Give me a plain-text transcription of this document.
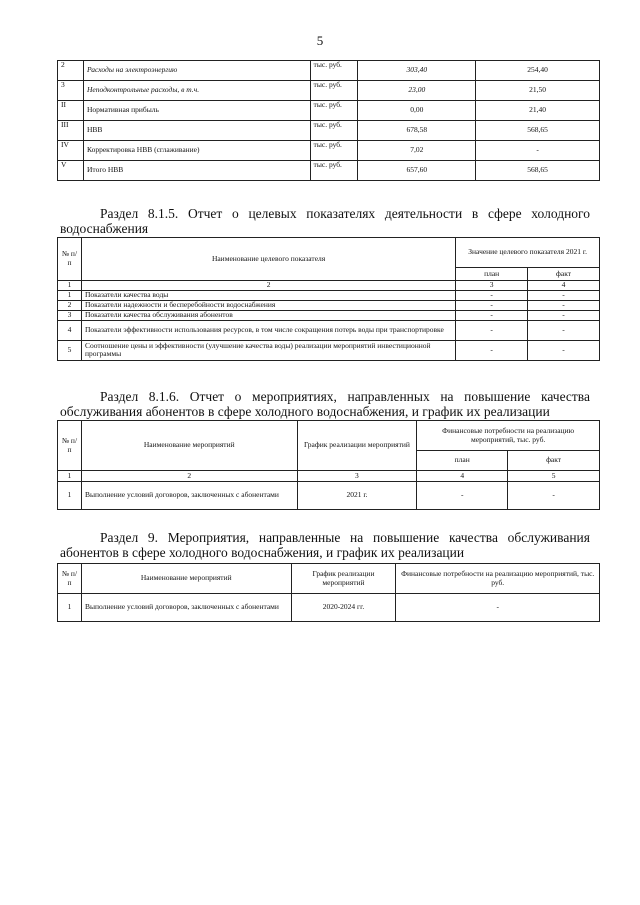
5
2	Расходы на электроэнергию	тыс. руб.	303,40	254,40
3	Неподконтрольные расходы, в т.ч.	тыс. руб.	23,00	21,50
II	Нормативная прибыль	тыс. руб.	0,00	21,40
III	НВВ	тыс. руб.	678,58	568,65
IV	Корректировка НВВ (сглаживание)	тыс. руб.	7,02	-
V	Итого НВВ	тыс. руб.	657,60	568,65
Раздел 8.1.5. Отчет о целевых показателях деятельности в сфере холодного водоснабжения
№ п/п	Наименование целевого показателя	Значение целевого показателя 2021 г.	
		план	факт
1	2	3	4
1	Показатели качества воды	-	-
2	Показатели надежности и бесперебойности водоснабжения	-	-
3	Показатели качества обслуживания абонентов	-	-
4	Показатели эффективности использования ресурсов, в том числе сокращения потерь воды при транспортировке	-	-
5	Соотношение цены и эффективности (улучшение качества воды) реализации мероприятий инвестиционной программы	-	-
Раздел 8.1.6. Отчет о мероприятиях, направленных на повышение качества обслуживания абонентов в сфере холодного водоснабжения, и график их реализации
№ п/п	Наименование мероприятий	График реализации мероприятий	Финансовые потребности на реализацию мероприятий, тыс. руб.	
			план	факт
1	2	3	4	5
1	Выполнение условий договоров, заключенных с абонентами	2021 г.	-	-
Раздел 9. Мероприятия, направленные на повышение качества обслуживания абонентов в сфере холодного водоснабжения, и график их реализации
№ п/п	Наименование мероприятий	График реализации мероприятий	Финансовые потребности на реализацию мероприятий, тыс. руб.
1	Выполнение условий договоров, заключенных с абонентами	2020-2024 гг.	-
